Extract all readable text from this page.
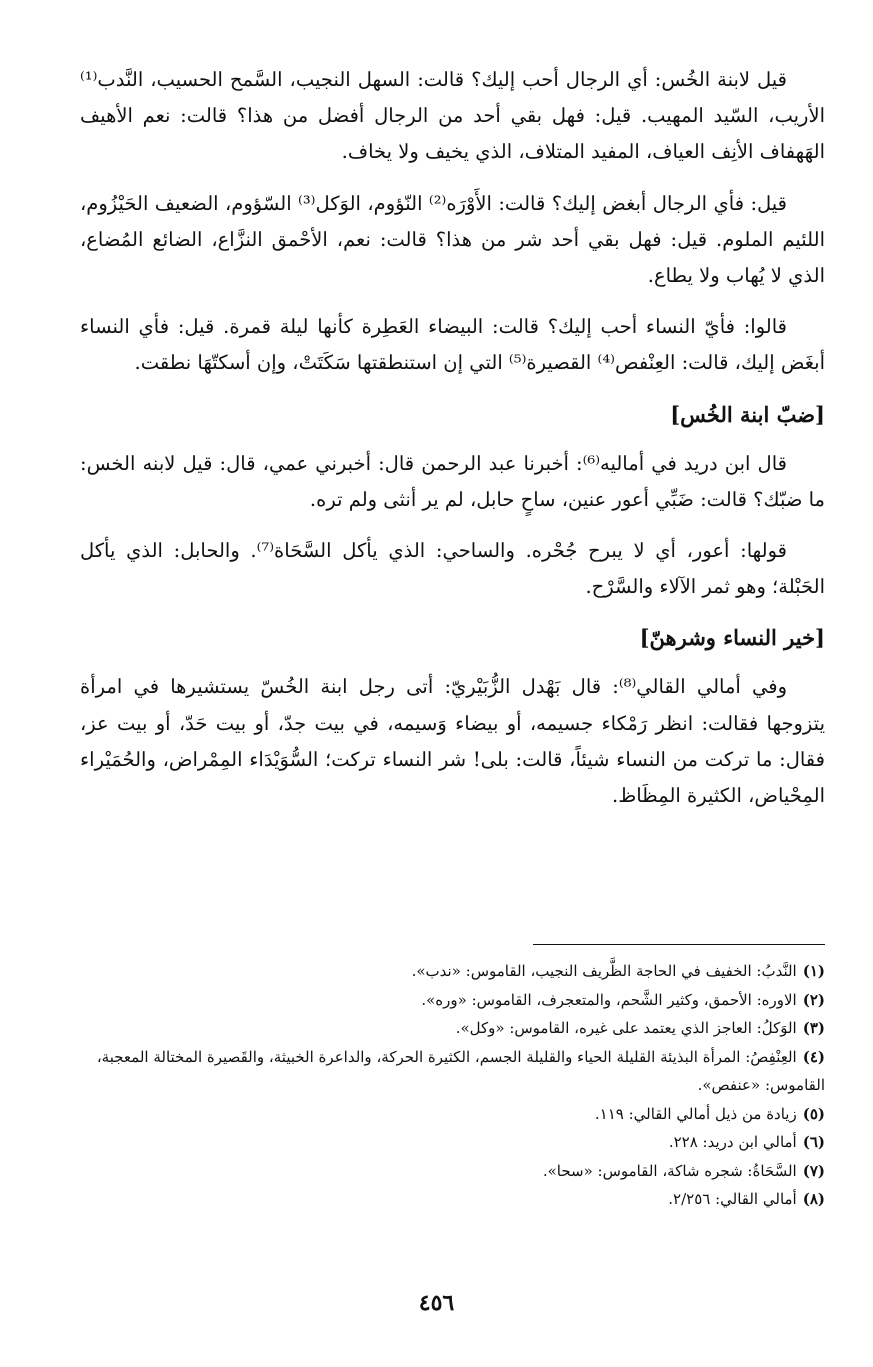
قيل لابنة الخُس: أي الرجال أحب إليك؟ قالت: السهل النجيب، السَّمح الحسيب، النَّدب⁽¹⁾ الأريب، السّيد المهيب. قيل: فهل بقي أحد من الرجال أفضل من هذا؟ قالت: نعم الأهيف الهَهفاف الأنِف العياف، المفيد المتلاف، الذي يخيف ولا يخاف.

قيل: فأي الرجال أبغض إليك؟ قالت: الأَوْرَه⁽²⁾ النّؤوم، الوَكل⁽³⁾ السّؤوم، الضعيف الحَيْزُوم، اللئيم الملوم. قيل: فهل بقي أحد شر من هذا؟ قالت: نعم، الأحْمق النزَّاع، الضائع المُضاع، الذي لا يُهاب ولا يطاع.

قالوا: فأيّ النساء أحب إليك؟ قالت: البيضاء العَطِرة كأنها ليلة قمرة. قيل: فأي النساء أبغَض إليك، قالت: العِنْفص⁽⁴⁾ القصيرة⁽⁵⁾ التي إن استنطقتها سَكَتَتْ، وإن أسكتّهَا نطقت.

[ضبّ ابنة الخُس]

قال ابن دريد في أماليه⁽⁶⁾: أخبرنا عبد الرحمن قال: أخبرني عمي، قال: قيل لابنه الخس: ما ضبّك؟ قالت: ضَبِّي أعور عنين، ساحٍ حابل، لم ير أنثى ولم تره.

قولها: أعور، أي لا يبرح جُحْره. والساحي: الذي يأكل السَّحَاة⁽⁷⁾. والحابل: الذي يأكل الحَبْلة؛ وهو ثمر الآلاء والسَّرْح.

[خير النساء وشرهنّ]

وفي أمالي القالي⁽⁸⁾: قال بَهْدل الزُّبَيْريّ: أتى رجل ابنة الخُسّ يستشيرها في امرأة يتزوجها فقالت: انظر رَمْكاء جسيمه، أو بيضاء وَسيمه، في بيت جدّ، أو بيت حَدّ، أو بيت عز، فقال: ما تركت من النساء شيئاً، قالت: بلى! شر النساء تركت؛ السُّوَيْدَاء المِمْراض، والحُمَيْراء المِحْياض، الكثيرة المِظَاظ.

(١)النَّدبُ: الخفيف في الحاجة الظَّريف النجيب، القاموس: «ندب».

(٢)الاوره: الأحمق، وكثير الشَّحم، والمتعجرف، القاموس: «وره».

(٣)الوَكلُ: العاجز الذي يعتمد على غيره، القاموس: «وكل».

(٤)العِنْفِصُ: المرأة البذيئة القليلة الحياء والقليلة الجسم، الكثيرة الحركة، والداعرة الخبيثة، والقَصيرة المختالة المعجبة، القاموس: «عنفص».

(٥)زيادة من ذيل أمالي القالي: ١١٩.

(٦)أمالي ابن دريد: ٢٢٨.

(٧)السَّحَاةُ: شجره شاكة، القاموس: «سحا».

(٨)أمالي القالي: ٢/٢٥٦.

٤٥٦
